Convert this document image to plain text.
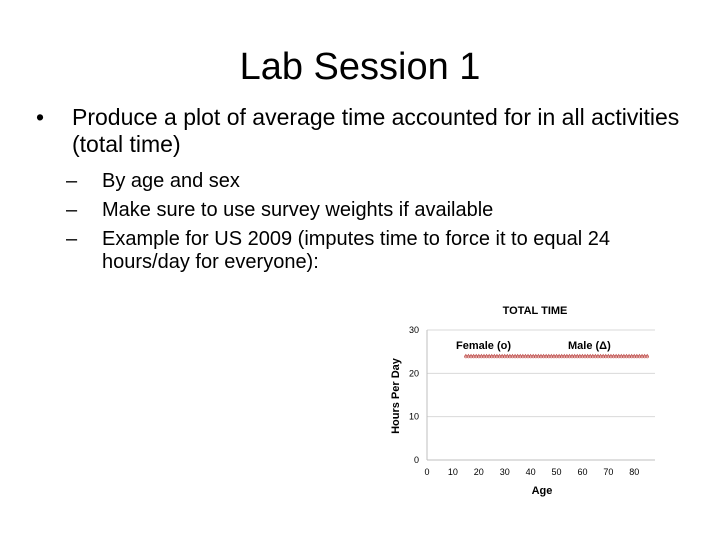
Lab Session 1
• Produce a plot of average time accounted for in all activities (total time)
– By age and sex
– Make sure to use survey weights if available
– Example for US 2009 (imputes time to force it to equal 24 hours/day for everyone):
0
10
20
30
0 10 20 30 40 50 60 70 80
TOTAL TIME
Female (o)	Male (Δ)
Age
Hours Per Day
